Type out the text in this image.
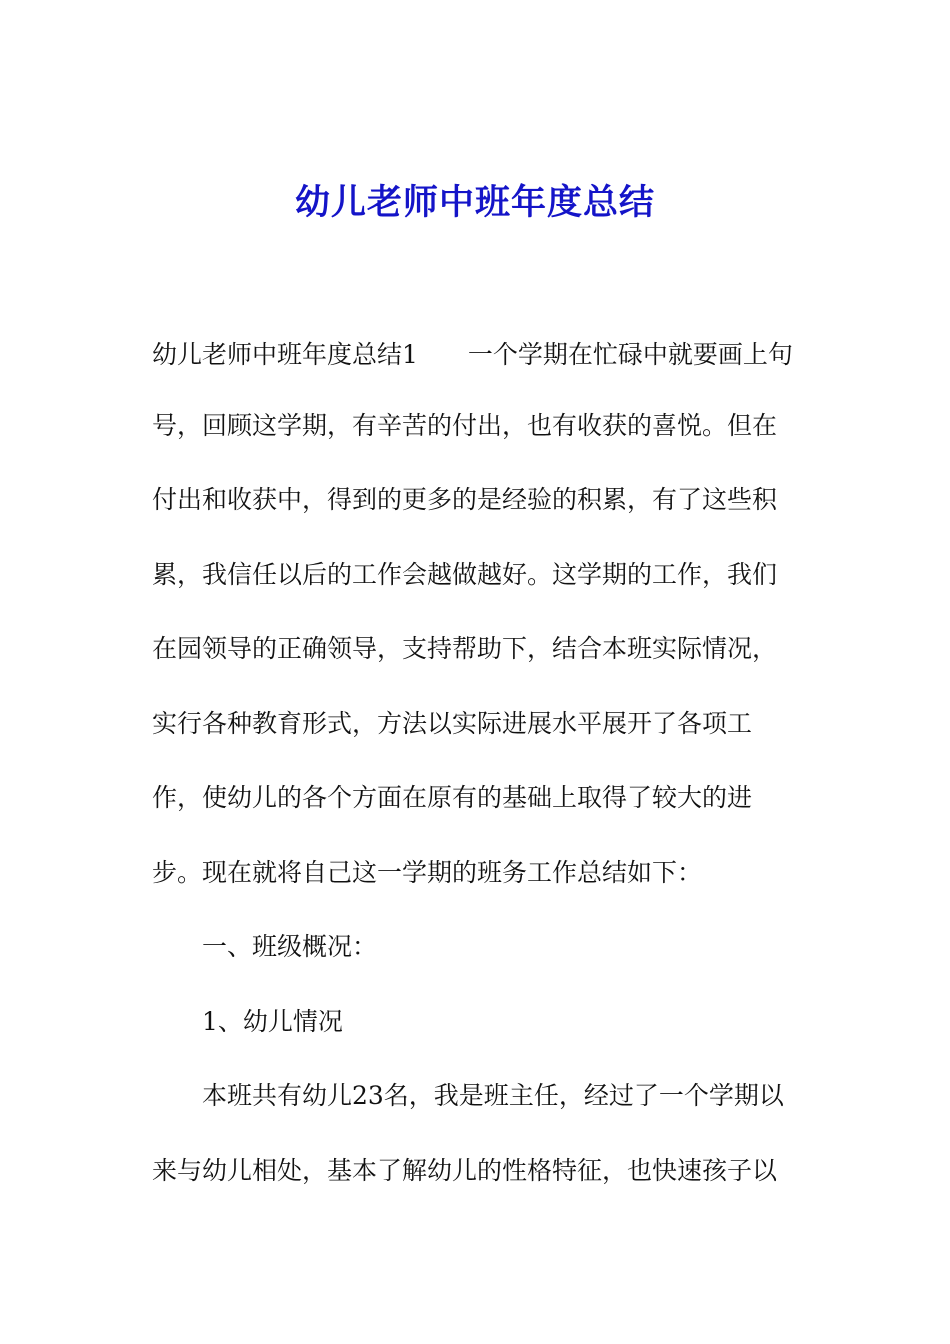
幼儿老师中班年度总结
幼儿老师中班年度总结1　　一个学期在忙碌中就要画上句
号，回顾这学期，有辛苦的付出，也有收获的喜悦。但在
付出和收获中，得到的更多的是经验的积累，有了这些积
累，我信任以后的工作会越做越好。这学期的工作，我们
在园领导的正确领导，支持帮助下，结合本班实际情况，
实行各种教育形式，方法以实际进展水平展开了各项工
作，使幼儿的各个方面在原有的基础上取得了较大的进
步。现在就将自己这一学期的班务工作总结如下：
一、班级概况：
1、幼儿情况
本班共有幼儿23名，我是班主任，经过了一个学期以
来与幼儿相处，基本了解幼儿的性格特征，也快速孩子以
